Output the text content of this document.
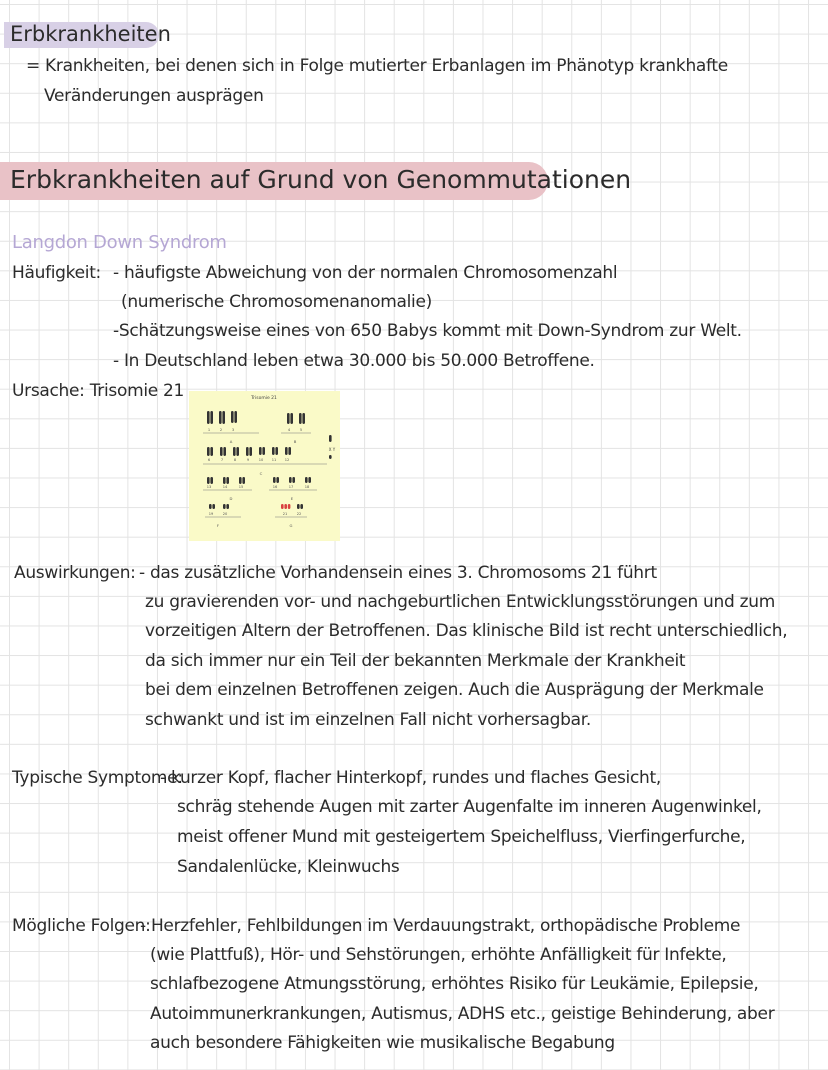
Erbkrankheiten
= Krankheiten, bei denen sich in Folge mutierter Erbanlagen im Phänotyp krankhafte
Veränderungen ausprägen
Erbkrankheiten auf Grund von Genommutationen
Langdon Down Syndrom
Häufigkeit: - häufigste Abweichung von der normalen Chromosomenzahl
(numerische Chromosomenanomalie)
-Schätzungsweise eines von 650 Babys kommt mit Down-Syndrom zur Welt.
- In Deutschland leben etwa 30.000 bis 50.000 Betroffene.
Ursache: Trisomie 21	Trisomie 21
1	2	3	4	5
6	7	8	9	10 11 12
13	14	15	16	17	18
19	20	21	22
A	B
C
D	E
F	G
X Y
Auswirkungen: - das zusätzliche Vorhandensein eines 3. Chromosoms 21 führt
zu gravierenden vor- und nachgeburtlichen Entwicklungsstörungen und zum
vorzeitigen Altern der Betroffenen. Das klinische Bild ist recht unterschiedlich,
da sich immer nur ein Teil der bekannten Merkmale der Krankheit
bei dem einzelnen Betroffenen zeigen. Auch die Ausprägung der Merkmale
schwankt und ist im einzelnen Fall nicht vorhersagbar.
Typische Symptome:
- kurzer Kopf, flacher Hinterkopf, rundes und flaches Gesicht,
schräg stehende Augen mit zarter Augenfalte im inneren Augenwinkel,
meist offener Mund mit gesteigertem Speichelfluss, Vierfingerfurche,
Sandalenlücke, Kleinwuchs
Mögliche Folgen:
- Herzfehler, Fehlbildungen im Verdauungstrakt, orthopädische Probleme
(wie Plattfuß), Hör- und Sehstörungen, erhöhte Anfälligkeit für Infekte,
schlafbezogene Atmungsstörung, erhöhtes Risiko für Leukämie, Epilepsie,
Autoimmunerkrankungen, Autismus, ADHS etc., geistige Behinderung, aber
auch besondere Fähigkeiten wie musikalische Begabung
